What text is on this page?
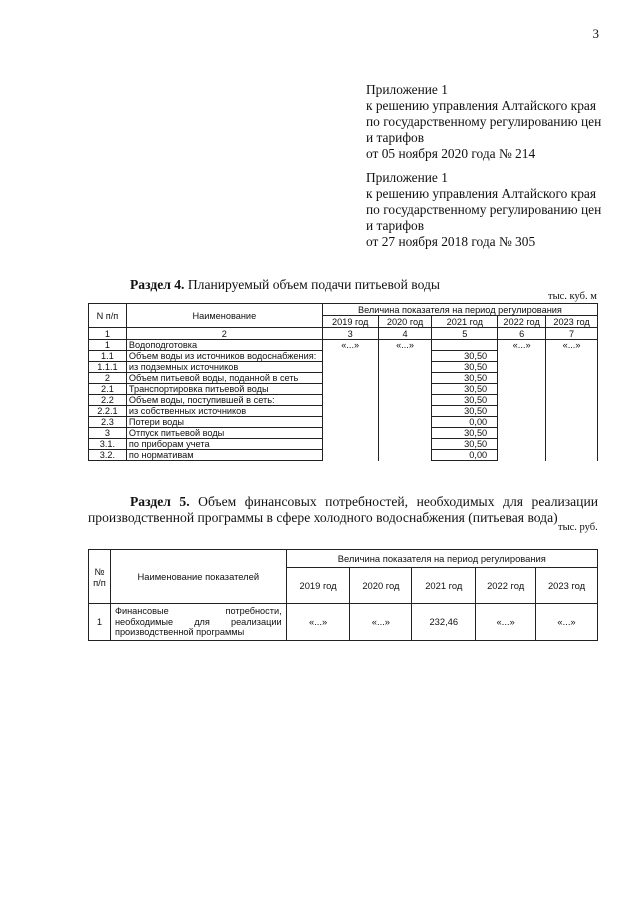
3
Приложение 1
к решению управления Алтайского края
по государственному регулированию цен
и тарифов
от 05 ноября 2020 года № 214
Приложение 1
к решению управления Алтайского края
по государственному регулированию цен
и тарифов
от 27 ноября 2018 года № 305
Раздел 4. Планируемый объем подачи питьевой воды
тыс. куб. м
N п/п	Наименование	Величина показателя на период регулирования				
		2019 год	2020 год	2021 год	2022 год	2023 год
1	2	3	4	5	6	7
1	Водоподготовка	«...»	«...»		«...»	«...»
1.1	Объем воды из источников водоснабжения:			30,50		
1.1.1	из подземных источников			30,50		
2	Объем питьевой воды, поданной в сеть			30,50		
2.1	Транспортировка питьевой воды			30,50		
2.2	Объем воды, поступившей в сеть:			30,50		
2.2.1	из собственных источников			30,50		
2.3	Потери воды			0,00		
3	Отпуск питьевой воды			30,50		
3.1.	по приборам учета			30,50		
3.2.	по нормативам			0,00		
Раздел 5. Объем финансовых потребностей, необходимых для реализации
производственной программы в сфере холодного водоснабжения (питьевая вода)
тыс. руб.
№ п/п	Наименование показателей	Величина показателя на период регулирования				
		2019 год	2020 год	2021 год	2022 год	2023 год
1	Финансовые потребности, необходимые для реализации производственной программы	«...»	«...»	232,46	«...»	«...»
